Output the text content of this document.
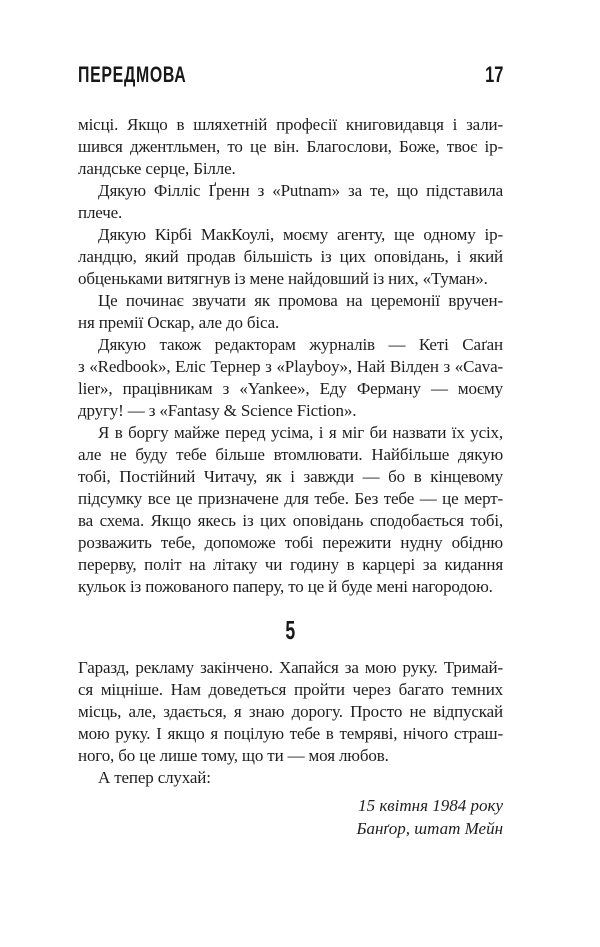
ПЕРЕДМОВА	17
місці. Якщо в шляхетній професії книговидавця і зали-
шився джентльмен, то це він. Благослови, Боже, твоє ір-
ландське серце, Білле.
Дякую Філліс Ґренн з «Putnam» за те, що підставила
плече.
Дякую Кірбі МакКоулі, моєму агенту, ще одному ір-
ландцю, який продав більшість із цих оповідань, і який
обценьками витягнув із мене найдовший із них, «Туман».
Це починає звучати як промова на церемонії вручен-
ня премії Оскар, але до біса.
Дякую також редакторам журналів — Кеті Саґан
з «Redbook», Еліс Тернер з «Playboy», Най Вілден з «Cava-
lier», працівникам з «Yankee», Еду Ферману — моєму
другу! — з «Fantasy & Science Fiction».
Я в боргу майже перед усіма, і я міг би назвати їх усіх,
але не буду тебе більше втомлювати. Найбільше дякую
тобі, Постійний Читачу, як і завжди — бо в кінцевому
підсумку все це призначене для тебе. Без тебе — це мерт-
ва схема. Якщо якесь із цих оповідань сподобається тобі,
розважить тебе, допоможе тобі пережити нудну обідню
перерву, політ на літаку чи годину в карцері за кидання
кульок із пожованого паперу, то це й буде мені нагородою.
5
Гаразд, рекламу закінчено. Хапайся за мою руку. Тримай-
ся міцніше. Нам доведеться пройти через багато темних
місць, але, здається, я знаю дорогу. Просто не відпускай
мою руку. І якщо я поцілую тебе в темряві, нічого страш-
ного, бо це лише тому, що ти — моя любов.
А тепер слухай:
15 квітня 1984 року
Банґор, штат Мейн
